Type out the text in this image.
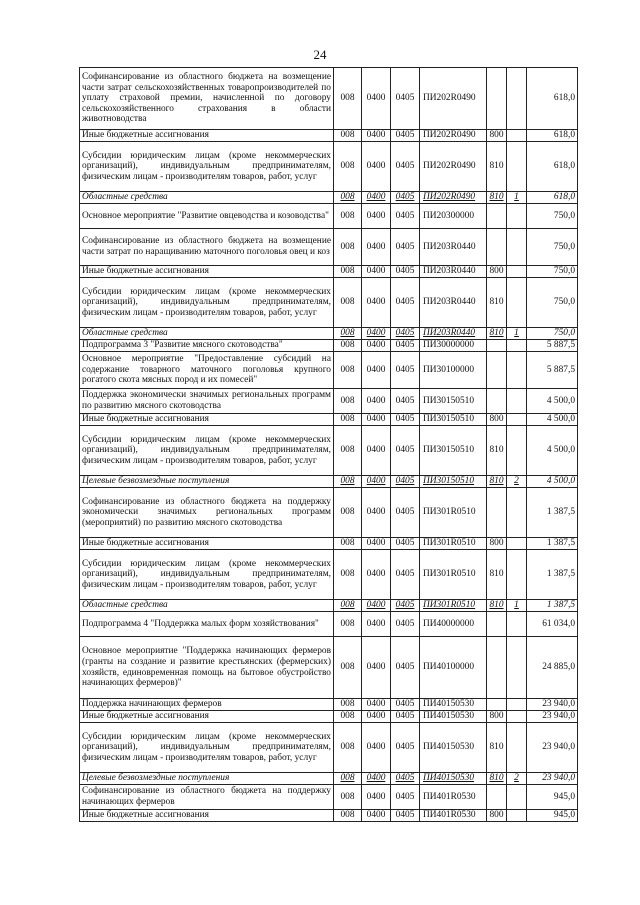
24
Софинансирование из областного бюджета на возмещение части затрат сельскохозяйственных товаропроизводителей по уплату страховой премии, начисленной по договору сельскохозяйственного страхования в области животноводства	008	0400	0405	ПИ202R0490			618,0
Иные бюджетные ассигнования	008	0400	0405	ПИ202R0490	800		618,0
Субсидии юридическим лицам (кроме некоммерческих организаций), индивидуальным предпринимателям, физическим лицам - производителям товаров, работ, услуг	008	0400	0405	ПИ202R0490	810		618,0
Областные средства	008	0400	0405	ПИ202R0490	810	1	618,0
Основное мероприятие "Развитие овцеводства и козоводства"	008	0400	0405	ПИ20300000			750,0
Софинансирование из областного бюджета на возмещение части затрат по наращиванию маточного поголовья овец и коз	008	0400	0405	ПИ203R0440			750,0
Иные бюджетные ассигнования	008	0400	0405	ПИ203R0440	800		750,0
Субсидии юридическим лицам (кроме некоммерческих организаций), индивидуальным предпринимателям, физическим лицам - производителям товаров, работ, услуг	008	0400	0405	ПИ203R0440	810		750,0
Областные средства	008	0400	0405	ПИ203R0440	810	1	750,0
Подпрограмма 3 "Развитие мясного скотоводства"	008	0400	0405	ПИ30000000			5 887,5
Основное мероприятие "Предоставление субсидий на содержание товарного маточного поголовья крупного рогатого скота мясных пород и их помесей"	008	0400	0405	ПИ30100000			5 887,5
Поддержка экономически значимых региональных программ по развитию мясного скотоводства	008	0400	0405	ПИ30150510			4 500,0
Иные бюджетные ассигнования	008	0400	0405	ПИ30150510	800		4 500,0
Субсидии юридическим лицам (кроме некоммерческих организаций), индивидуальным предпринимателям, физическим лицам - производителям товаров, работ, услуг	008	0400	0405	ПИ30150510	810		4 500,0
Целевые безвозмездные поступления	008	0400	0405	ПИ30150510	810	2	4 500,0
Софинансирование из областного бюджета на поддержку экономически значимых региональных программ (мероприятий) по развитию мясного скотоводства	008	0400	0405	ПИ301R0510			1 387,5
Иные бюджетные ассигнования	008	0400	0405	ПИ301R0510	800		1 387,5
Субсидии юридическим лицам (кроме некоммерческих организаций), индивидуальным предпринимателям, физическим лицам - производителям товаров, работ, услуг	008	0400	0405	ПИ301R0510	810		1 387,5
Областные средства	008	0400	0405	ПИ301R0510	810	1	1 387,5
Подпрограмма 4 "Поддержка малых форм хозяйствования"	008	0400	0405	ПИ40000000			61 034,0
Основное мероприятие "Поддержка начинающих фермеров (гранты на создание и развитие крестьянских (фермерских) хозяйств, единовременная помощь на бытовое обустройство начинающих фермеров)"	008	0400	0405	ПИ40100000			24 885,0
Поддержка начинающих фермеров	008	0400	0405	ПИ40150530			23 940,0
Иные бюджетные ассигнования	008	0400	0405	ПИ40150530	800		23 940,0
Субсидии юридическим лицам (кроме некоммерческих организаций), индивидуальным предпринимателям, физическим лицам - производителям товаров, работ, услуг	008	0400	0405	ПИ40150530	810		23 940,0
Целевые безвозмездные поступления	008	0400	0405	ПИ40150530	810	2	23 940,0
Софинансирование из областного бюджета на поддержку начинающих фермеров	008	0400	0405	ПИ401R0530			945,0
Иные бюджетные ассигнования	008	0400	0405	ПИ401R0530	800		945,0
